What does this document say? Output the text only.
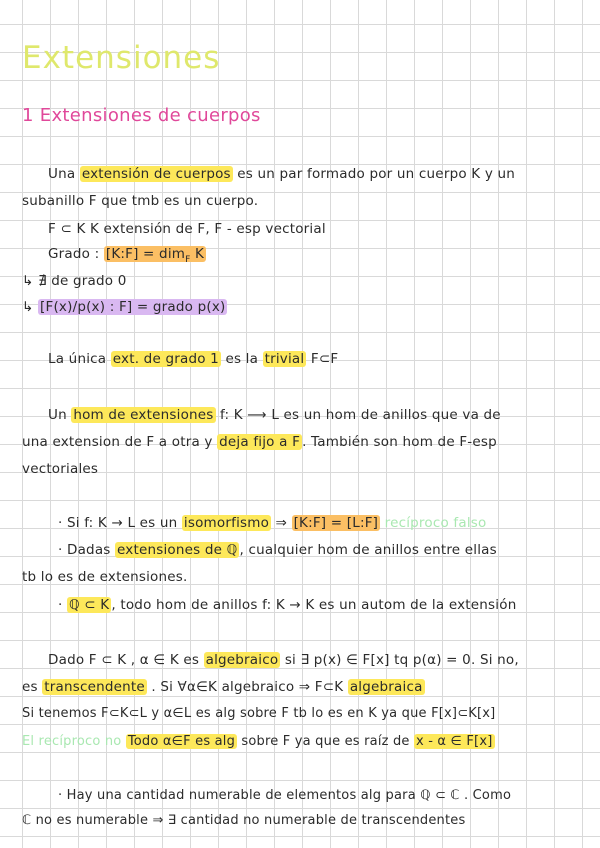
Extensiones
1 Extensiones de cuerpos
Una extensión de cuerpos es un par formado por un cuerpo K y un
subanillo F que tmb es un cuerpo.
F ⊂ K K extensión de F, F - esp vectorial
Grado : [K:F] = dim$_F$ K
↳ ∄ de grado 0
↳ [F(x)/p(x) : F] = grado p(x)
La única ext. de grado 1 es la trivial F⊂F
Un hom de extensiones f: K ⟶ L es un hom de anillos que va de
una extension de F a otra y deja fijo a F . También son hom de F-esp
vectoriales
· Si f: K → L es un isomorfismo ⇒ [K:F] = [L:F] recíproco falso
· Dadas extensiones de ℚ , cualquier hom de anillos entre ellas
tb lo es de extensiones.
· ℚ ⊂ K , todo hom de anillos f: K → K es un autom de la extensión
Dado F ⊂ K , α ∈ K es algebraico si ∃ p(x) ∈ F[x] tq p(α) = 0. Si no,
es transcendente . Si ∀α∈K algebraico ⇒ F⊂K algebraica
Si tenemos F⊂K⊂L y α∈L es alg sobre F tb lo es en K ya que F[x]⊂K[x]
El recíproco no Todo α∈F es alg sobre F ya que es raíz de x - α ∈ F[x]
· Hay una cantidad numerable de elementos alg para ℚ ⊂ ℂ . Como
ℂ no es numerable ⇒ ∃ cantidad no numerable de transcendentes
